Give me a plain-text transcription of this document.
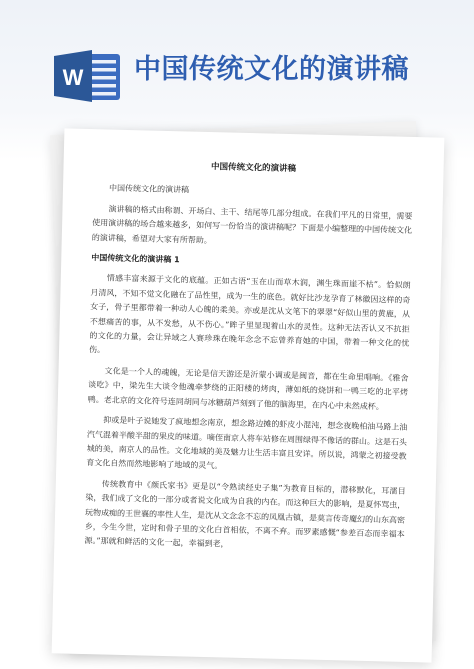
W 中国传统文化的演讲稿
中国传统文化的演讲稿

中国传统文化的演讲稿

演讲稿的格式由称谓、开场白、主干、结尾等几部分组成。在我们平凡的日常里，需要使用演讲稿的场合越来越多，如何写一份恰当的演讲稿呢？下面是小编整理的中国传统文化的演讲稿，希望对大家有所帮助。

中国传统文化的演讲稿 1

情感丰富来源于文化的底蕴。正如古语“玉在山而草木润，渊生珠而崖不枯”。恰似朗月清风，不知不觉文化融在了品性里，成为一生的底色。就好比沙龙孕育了林徽因这样的奇女子，骨子里都带着一种动人心魄的柔美。亦或是沈从文笔下的翠翠“好似山里的黄鹿，从不想痛苦的事，从不发愁，从不伤心。”眸子里显现着山水的灵性。这种无法否认又不抗拒的文化的力量，会让异域之人赛珍珠在晚年念念不忘曾养育她的中国，带着一种文化的忧伤。

文化是一个人的魂魄，无论是信天游还是沂蒙小调或是闽音，都在生命里唱响。《雅舍谈吃》中，梁先生大谈令他魂牵梦绕的正阳楼的烤肉，薄如纸的烧饼和一鸭三吃的北平烤鸭。老北京的文化符号连同胡同与冰糖葫芦刻到了他的脑海里，在内心中未然成杯。

抑或是叶子说她发了疯地想念南京，想念路边摊的虾皮小混沌，想念夜晚柏油马路上油汽气混着半酸半甜的果皮的味道。嘀侄南京人将车站修在周围绿得不像话的群山。这是石头城的美，南京人的品性。文化地域的美及魅力让生活丰富且安详。所以说，鸿蒙之初接受教育文化自然而然地影响了地域的灵气。

传统教育中《颜氏家书》更是以“令熟读经史子集”为教育目标的，潜移默化，耳濡目染，我们成了文化的一部分或者说文化成为自我的内在。而这种巨大的影响，是夏怀骂虫，玩物成痴的王世襄的率性人生，是沈从文念念不忘的凤凰古镇，是莫言传奇魔幻的山东高密乡，今生今世，定时和骨子里的文化白首相依，不离不弃。而罗素感慨“参差百态而幸福本源。”那就和鲜活的文化一起，幸福到老，
